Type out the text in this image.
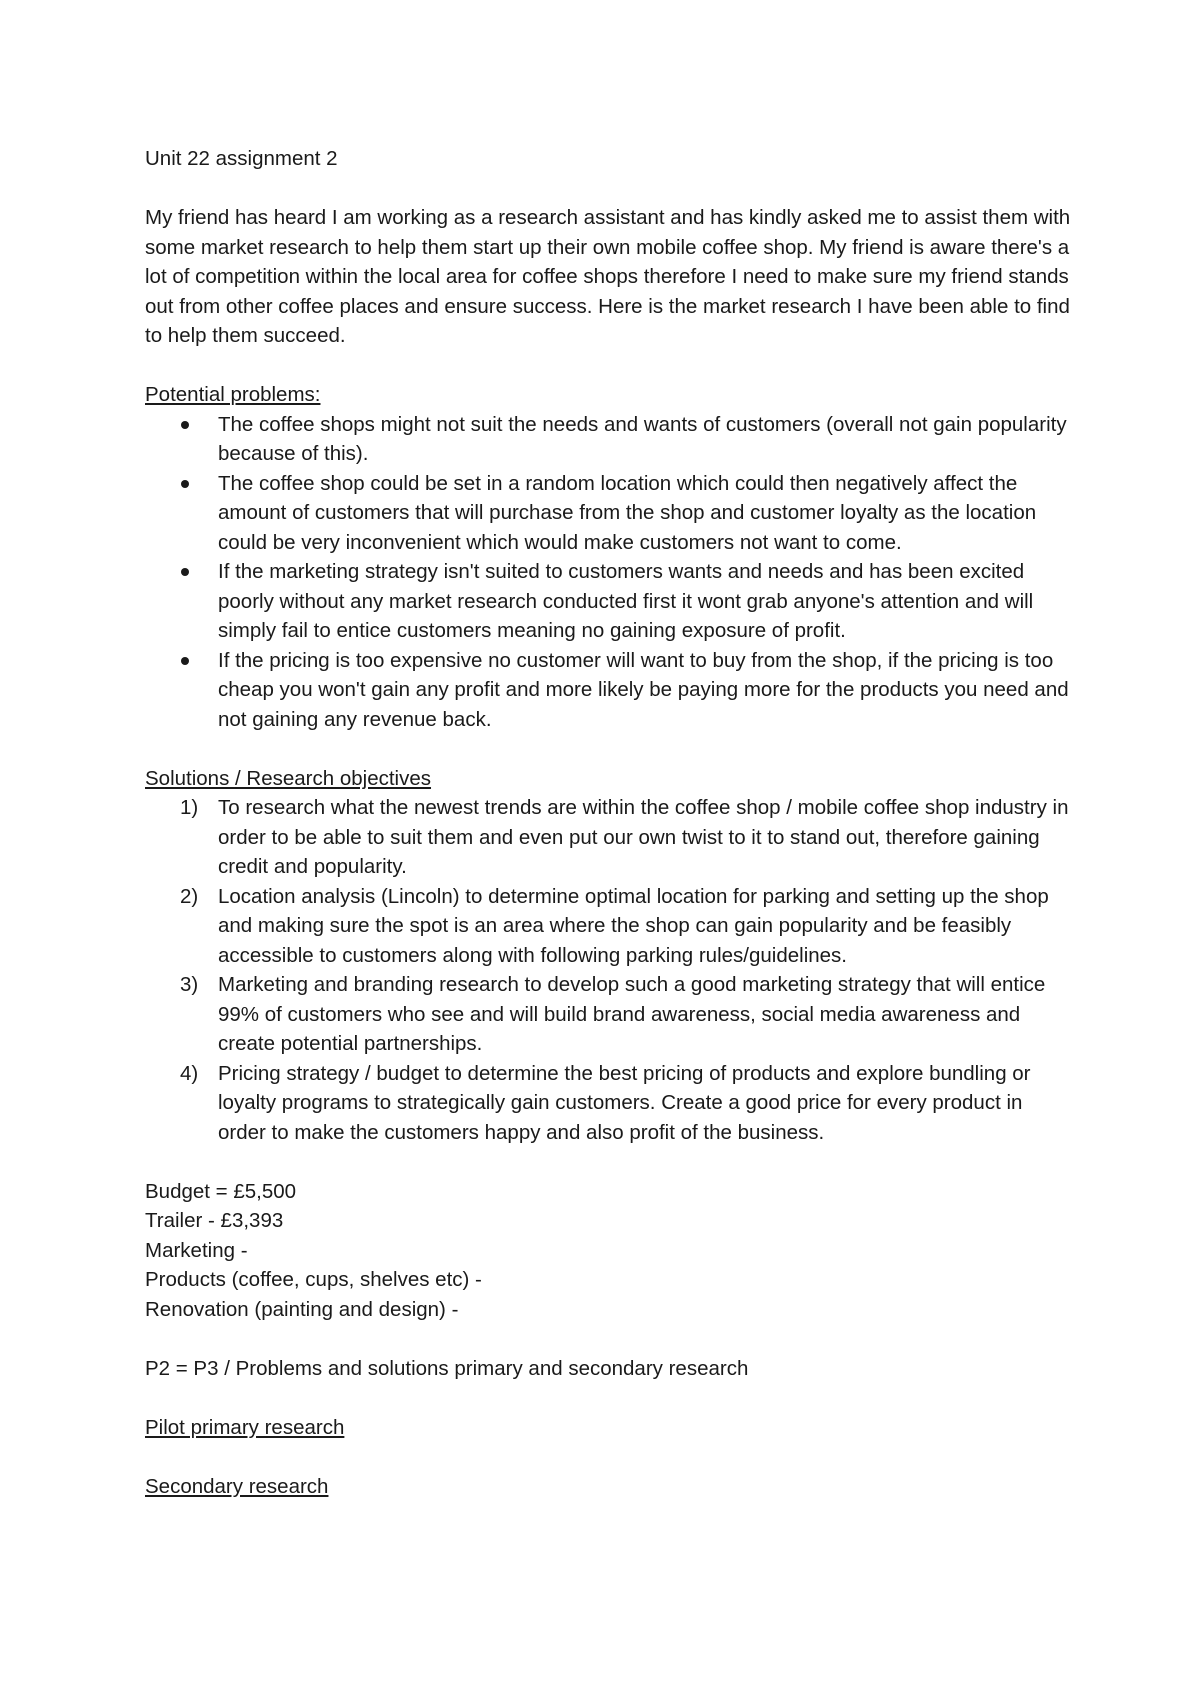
Unit 22 assignment 2

My friend has heard I am working as a research assistant and has kindly asked me to assist them with some market research to help them start up their own mobile coffee shop. My friend is aware there's a lot of competition within the local area for coffee shops therefore I need to make sure my friend stands out from other coffee places and ensure success. Here is the market research I have been able to find to help them succeed.

Potential problems:

The coffee shops might not suit the needs and wants of customers (overall not gain popularity because of this).
The coffee shop could be set in a random location which could then negatively affect the amount of customers that will purchase from the shop and customer loyalty as the location could be very inconvenient which would make customers not want to come.
If the marketing strategy isn't suited to customers wants and needs and has been excited poorly without any market research conducted first it wont grab anyone's attention and will simply fail to entice customers meaning no gaining exposure of profit.
If the pricing is too expensive no customer will want to buy from the shop, if the pricing is too cheap you won't gain any profit and more likely be paying more for the products you need and not gaining any revenue back.

Solutions / Research objectives

1) To research what the newest trends are within the coffee shop / mobile coffee shop industry in order to be able to suit them and even put our own twist to it to stand out, therefore gaining credit and popularity.
2) Location analysis (Lincoln) to determine optimal location for parking and setting up the shop and making sure the spot is an area where the shop can gain popularity and be feasibly accessible to customers along with following parking rules/guidelines.
3) Marketing and branding research to develop such a good marketing strategy that will entice 99% of customers who see and will build brand awareness, social media awareness and create potential partnerships.
4) Pricing strategy / budget to determine the best pricing of products and explore bundling or loyalty programs to strategically gain customers. Create a good price for every product in order to make the customers happy and also profit of the business.

Budget = £5,500

Trailer - £3,393

Marketing -

Products (coffee, cups, shelves etc) -

Renovation (painting and design) -

P2 = P3 / Problems and solutions primary and secondary research

Pilot primary research

Secondary research
